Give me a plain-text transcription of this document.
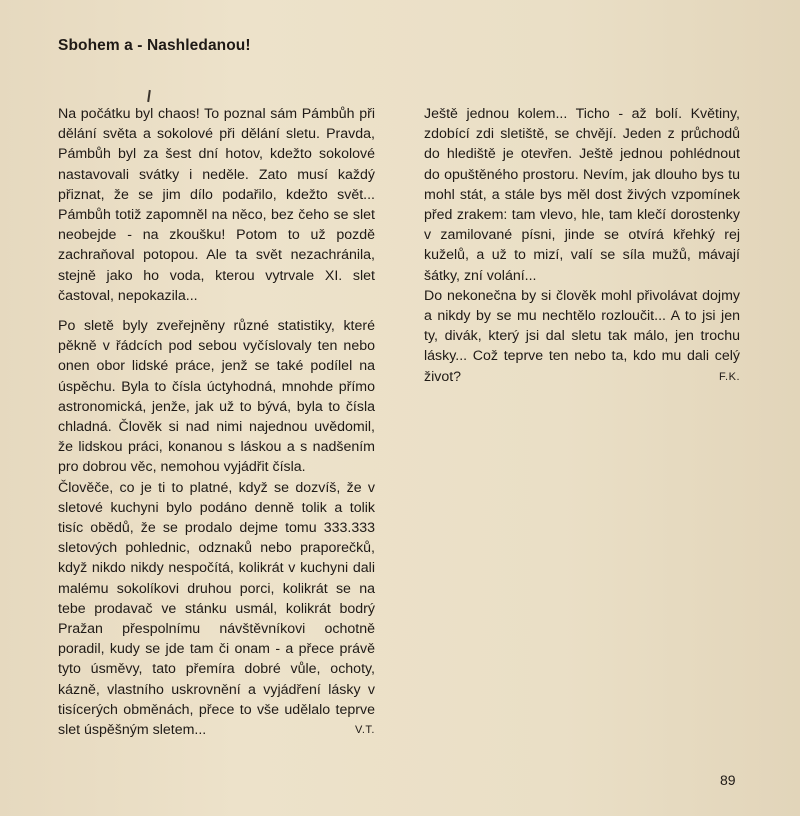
Sbohem a - Nashledanou!

Na počátku byl chaos! To poznal sám Pámbůh při dělání světa a sokolové při dělání sletu. Pravda, Pámbůh byl za šest dní hotov, kdežto sokolové nastavovali svátky i neděle. Zato musí každý přiznat, že se jim dílo podařilo, kdežto svět... Pámbůh totiž zapomněl na něco, bez čeho se slet neobejde - na zkoušku! Potom to už pozdě zachraňoval potopou. Ale ta svět nezachránila, stejně jako ho voda, kterou vytrvale XI. slet častoval, nepokazila...

Po sletě byly zveřejněny různé statistiky, které pěkně v řádcích pod sebou vyčíslovaly ten nebo onen obor lidské práce, jenž se také podílel na úspěchu. Byla to čísla úctyhodná, mnohde přímo astronomická, jenže, jak už to bývá, byla to čísla chladná. Člověk si nad nimi najednou uvědomil, že lidskou práci, konanou s láskou a s nadšením pro dobrou věc, nemohou vyjádřit čísla.

Člověče, co je ti to platné, když se dozvíš, že v sletové kuchyni bylo podáno denně tolik a tolik tisíc obědů, že se prodalo dejme tomu 333.333 sletových pohlednic, odznaků nebo praporečků, když nikdo nikdy nespočítá, kolikrát v kuchyni dali malému sokolíkovi druhou porci, kolikrát se na tebe prodavač ve stánku usmál, kolikrát bodrý Pražan přespolnímu návštěvníkovi ochotně poradil, kudy se jde tam či onam - a přece právě tyto úsměvy, tato přemíra dobré vůle, ochoty, kázně, vlastního uskrovnění a vyjádření lásky v tisícerých obměnách, přece to vše udělalo teprve slet úspěšným sletem...	V.T.

Ještě jednou kolem... Ticho - až bolí. Květiny, zdobící zdi sletiště, se chvějí. Jeden z průchodů do hlediště je otevřen. Ještě jednou pohlédnout do opuštěného prostoru. Nevím, jak dlouho bys tu mohl stát, a stále bys měl dost živých vzpomínek před zrakem: tam vlevo, hle, tam klečí dorostenky v zamilované písni, jinde se otvírá křehký rej kuželů, a už to mizí, valí se síla mužů, mávají šátky, zní volání...

Do nekonečna by si člověk mohl přivolávat dojmy a nikdy by se mu nechtělo rozloučit... A to jsi jen ty, divák, který jsi dal sletu tak málo, jen trochu lásky... Což teprve ten nebo ta, kdo mu dali celý život?	F.K.

89
